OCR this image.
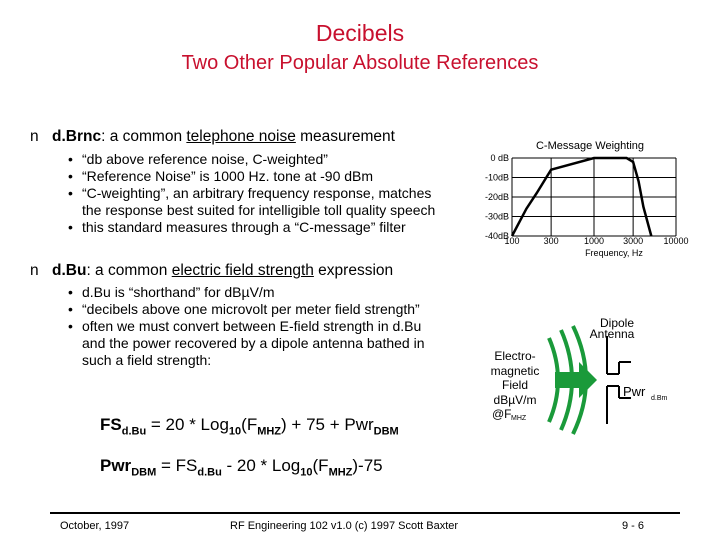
Decibels
Two Other Popular Absolute References
n d.Brnc: a common telephone noise measurement
• “db above reference noise, C-weighted”
• “Reference Noise” is 1000 Hz. tone at -90 dBm
• “C-weighting”, an arbitrary frequency response, matches the response best suited for intelligible toll quality speech
• this standard measures through a “C-message” filter
n d.Bu: a common electric field strength expression
• d.Bu is “shorthand” for dBµV/m
• “decibels above one microvolt per meter field strength”
• often we must convert between E-field strength in d.Bu and the power recovered by a dipole antenna bathed in such a field strength:
$FS_{d.Bu} = 20 * Log_{10}(F_{MHZ}) + 75 + Pwr_{DBM}$
$Pwr_{DBM} = FS_{d.Bu} - 20 * Log_{10}(F_{MHZ})-75$
C-Message Weighting
0 dB
-10dB
-20dB
-30dB
-40dB
100	300	1000 3000 10000
Frequency, Hz
Dipole
Antenna
Electro-
magnetic
Field
dBµV/m
@F MHZ
Pwr d.Bm
October, 1997	RF Engineering 102 v1.0 (c) 1997 Scott Baxter	9 - 6
